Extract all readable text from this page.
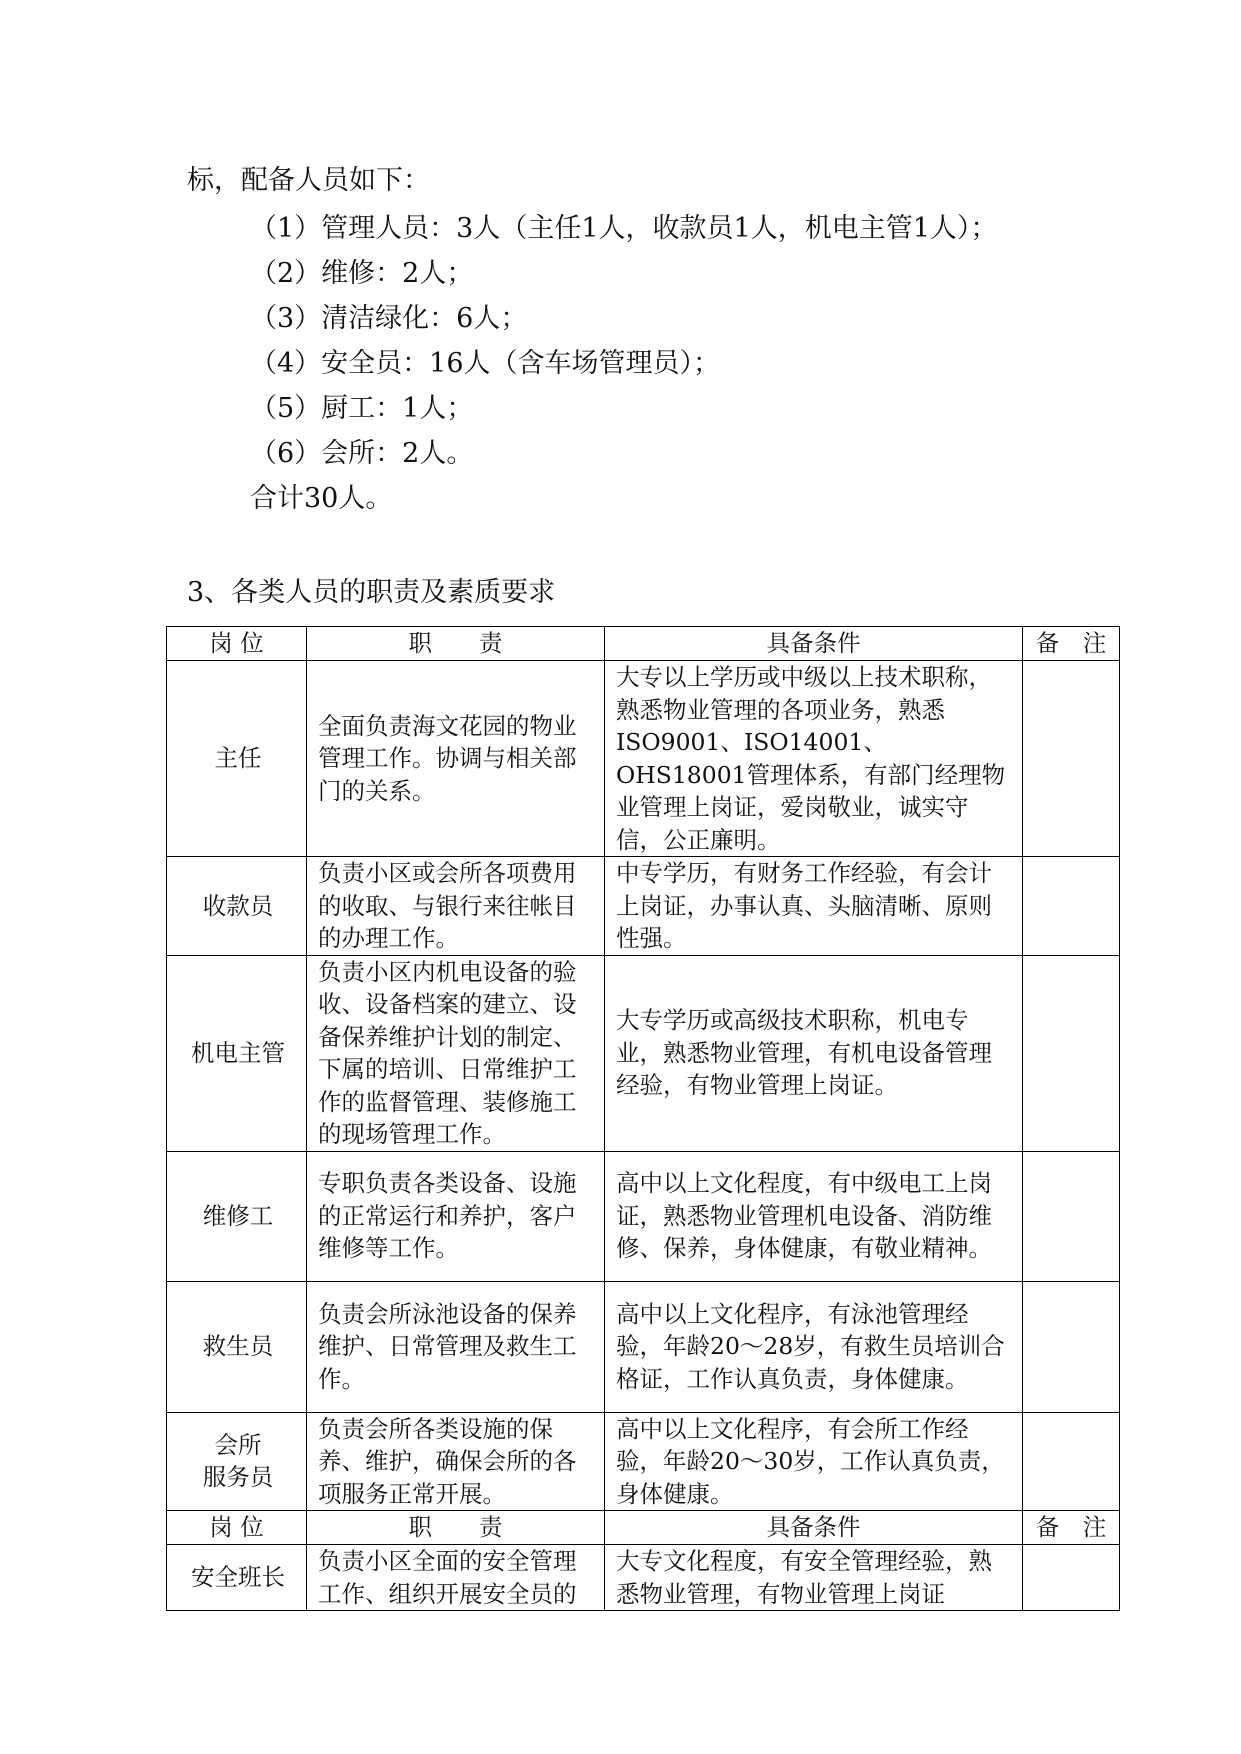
标，配备人员如下：
（1）管理人员：3人（主任1人，收款员1人，机电主管1人）；
（2）维修：2人；
（3）清洁绿化：6人；
（4）安全员：16人（含车场管理员）；
（5）厨工：1人；
（6）会所：2人。
合计30人。
3、各类人员的职责及素质要求
岗 位	职　　责	具备条件	备　注
主任	全面负责海文花园的物业管理工作。协调与相关部门的关系。	大专以上学历或中级以上技术职称，熟悉物业管理的各项业务，熟悉ISO9001、ISO14001、OHS18001管理体系，有部门经理物业管理上岗证，爱岗敬业，诚实守信，公正廉明。	
收款员	负责小区或会所各项费用的收取、与银行来往帐目的办理工作。	中专学历，有财务工作经验，有会计上岗证，办事认真、头脑清晰、原则性强。	
机电主管	负责小区内机电设备的验收、设备档案的建立、设备保养维护计划的制定、下属的培训、日常维护工作的监督管理、装修施工的现场管理工作。	大专学历或高级技术职称，机电专业，熟悉物业管理，有机电设备管理经验，有物业管理上岗证。	
维修工	专职负责各类设备、设施的正常运行和养护，客户维修等工作。	高中以上文化程度，有中级电工上岗证，熟悉物业管理机电设备、消防维修、保养，身体健康，有敬业精神。	
救生员	负责会所泳池设备的保养维护、日常管理及救生工作。	高中以上文化程序，有泳池管理经验，年龄20～28岁，有救生员培训合格证，工作认真负责，身体健康。	

会所
服务员	负责会所各类设施的保养、维护，确保会所的各项服务正常开展。	高中以上文化程序，有会所工作经验，年龄20～30岁，工作认真负责，身体健康。	
岗 位	职　　责	具备条件	备　注
安全班长	负责小区全面的安全管理工作、组织开展安全员的	大专文化程度，有安全管理经验，熟悉物业管理，有物业管理上岗证	
